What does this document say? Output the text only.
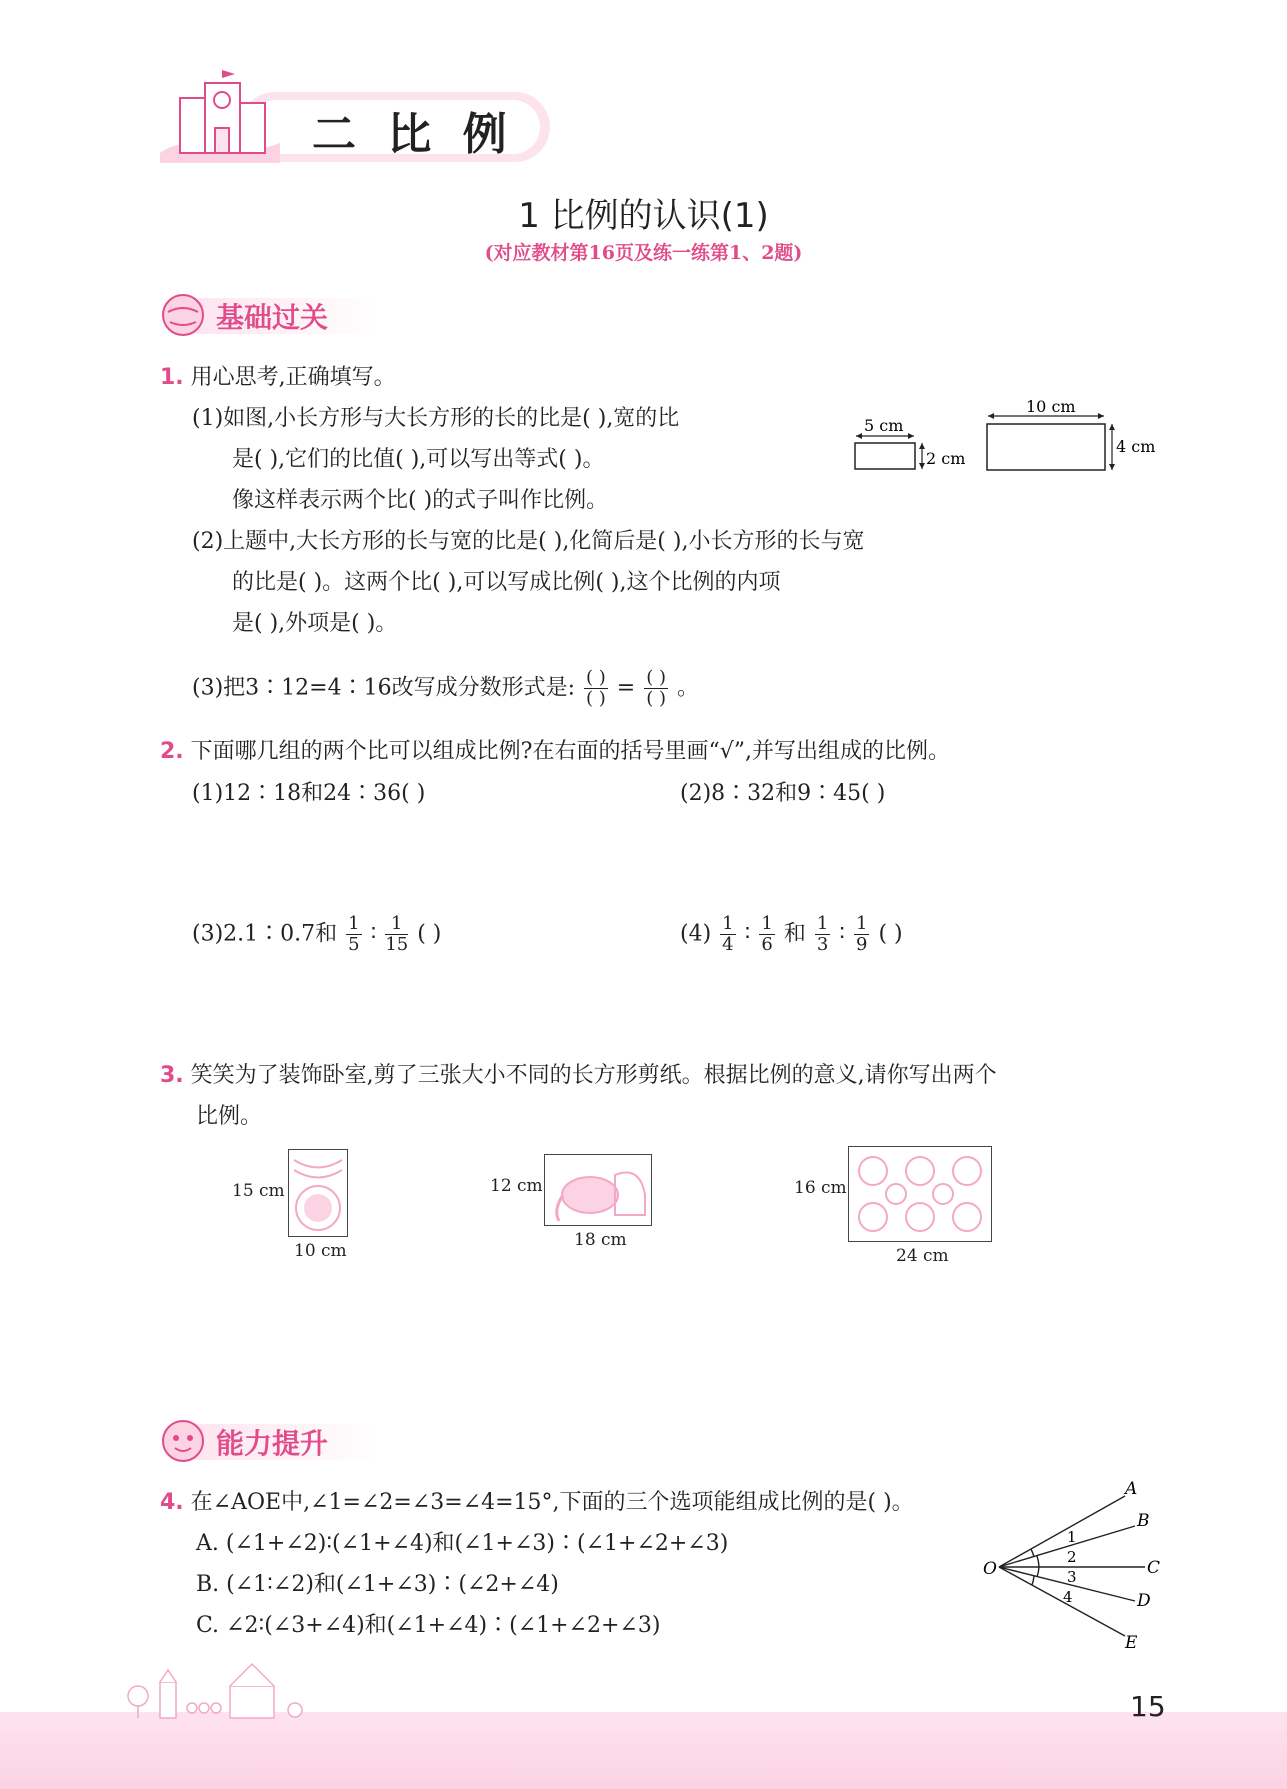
二 比 例
1 比例的认识(1)
(对应教材第16页及练一练第1、2题)
基础过关
1. 用心思考,正确填写。
(1)如图,小长方形与大长方形的长的比是( ),宽的比
是( ),它们的比值( ),可以写出等式( )。
像这样表示两个比( )的式子叫作比例。
5 cm
2 cm
10 cm
4 cm
(2)上题中,大长方形的长与宽的比是( ),化简后是( ),小长方形的长与宽
的比是( )。这两个比( ),可以写成比例( ),这个比例的内项
是( ),外项是( )。
(3)把3∶12=4∶16改写成分数形式是: $\frac{( )}{( )} = \frac{( )}{( )}$ 。
2. 下面哪几组的两个比可以组成比例?在右面的括号里画“√”,并写出组成的比例。
(1)12∶18和24∶36( )	(2)8∶32和9∶45( )
(3)2.1∶0.7和 $\frac{1}{5}$ ∶ $\frac{1}{15}$ ( )	$(4) \frac{1}{4}$ ∶ $\frac{1}{6}$ 和 $\frac{1}{3}$ ∶ $\frac{1}{9}$ ( )
3. 笑笑为了装饰卧室,剪了三张大小不同的长方形剪纸。根据比例的意义,请你写出两个
比例。
15 cm
10 cm
12 cm
18 cm
16 cm
24 cm
能力提升
4. 在∠AOE中,∠1=∠2=∠3=∠4=15°,下面的三个选项能组成比例的是( )。
A. (∠1+∠2)∶(∠1+∠4)和(∠1+∠3)∶(∠1+∠2+∠3)
B. (∠1∶∠2)和(∠1+∠3)∶(∠2+∠4)
C. ∠2∶(∠3+∠4)和(∠1+∠4)∶(∠1+∠2+∠3)
O
A
B
C
D
E
1
2
3
4
15
